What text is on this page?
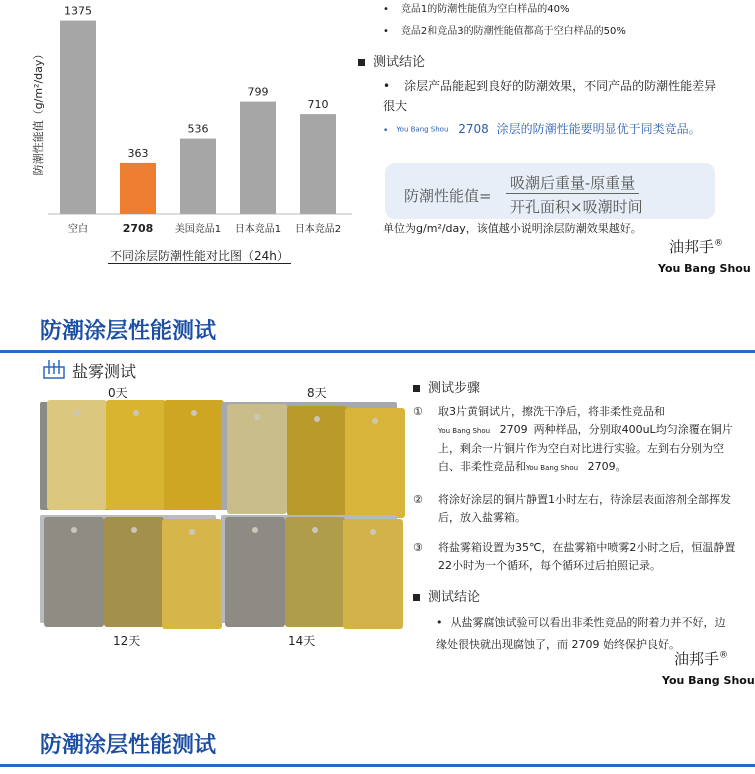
防潮性能值（g/m²/day）
1375
空白
363
2708
536
美国竞品1
799
日本竞品1
710
日本竞品2
不同涂层防潮性能对比图（24h）
• 竞品1的防潮性能值为空白样品的40%
• 竞品2和竞品3的防潮性能值都高于空白样品的50%
测试结论
• 涂层产品能起到良好的防潮效果，不同产品的防潮性能差异很大
• You Bang Shou 2708 涂层的防潮性能要明显优于同类竞品。
防潮性能值=
吸潮后重量-原重量
开孔面积×吸潮时间
单位为g/m²/day，该值越小说明涂层防潮效果越好。
油邦手®
You Bang Shou
防潮涂层性能测试
盐雾测试
0天	8天
12天	14天
测试步骤
① 取3片黄铜试片，擦洗干净后，将非柔性竞品和
You Bang Shou 2709 两种样品，分别取400uL均匀涂覆在铜片上，剩余一片铜片作为空白对比进行实验。左到右分别为空白、非柔性竞品和You Bang Shou 2709。
② 将涂好涂层的铜片静置1小时左右，待涂层表面溶剂全部挥发后，放入盐雾箱。
③ 将盐雾箱设置为35℃，在盐雾箱中喷雾2小时之后，恒温静置22小时为一个循环，每个循环过后拍照记录。
测试结论
• 从盐雾腐蚀试验可以看出非柔性竞品的附着力并不好，边缘处很快就出现腐蚀了，而 2709 始终保护良好。
油邦手®
You Bang Shou
防潮涂层性能测试
